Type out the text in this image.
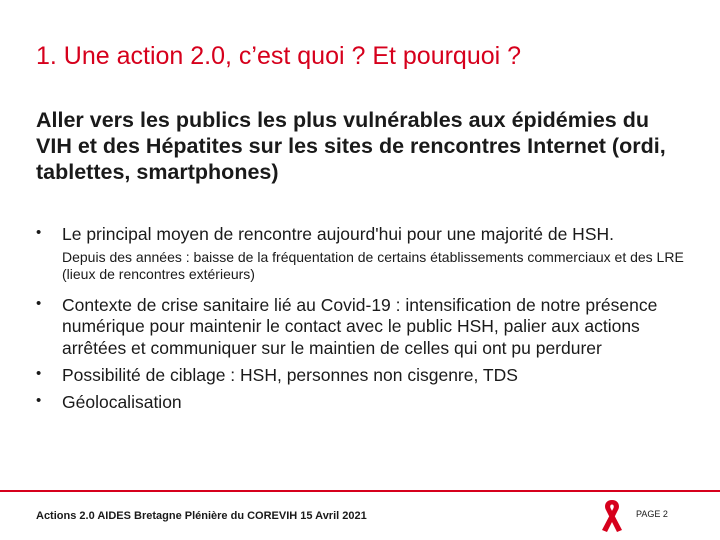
1. Une action 2.0, c’est quoi ? Et pourquoi ?
Aller vers les publics les plus vulnérables aux épidémies du VIH et des Hépatites sur les sites de rencontres Internet (ordi, tablettes, smartphones)
• Le principal moyen de rencontre aujourd'hui pour une majorité de HSH.
Depuis des années : baisse de la fréquentation de certains établissements commerciaux et des LRE (lieux de rencontres extérieurs)
• Contexte de crise sanitaire lié au Covid-19 : intensification de notre présence numérique pour maintenir le contact avec le public HSH, palier aux actions arrêtées et communiquer sur le maintien de celles qui ont pu perdurer
• Possibilité de ciblage : HSH, personnes non cisgenre, TDS
• Géolocalisation
Actions 2.0 AIDES Bretagne Plénière du COREVIH 15 Avril 2021	PAGE 2
